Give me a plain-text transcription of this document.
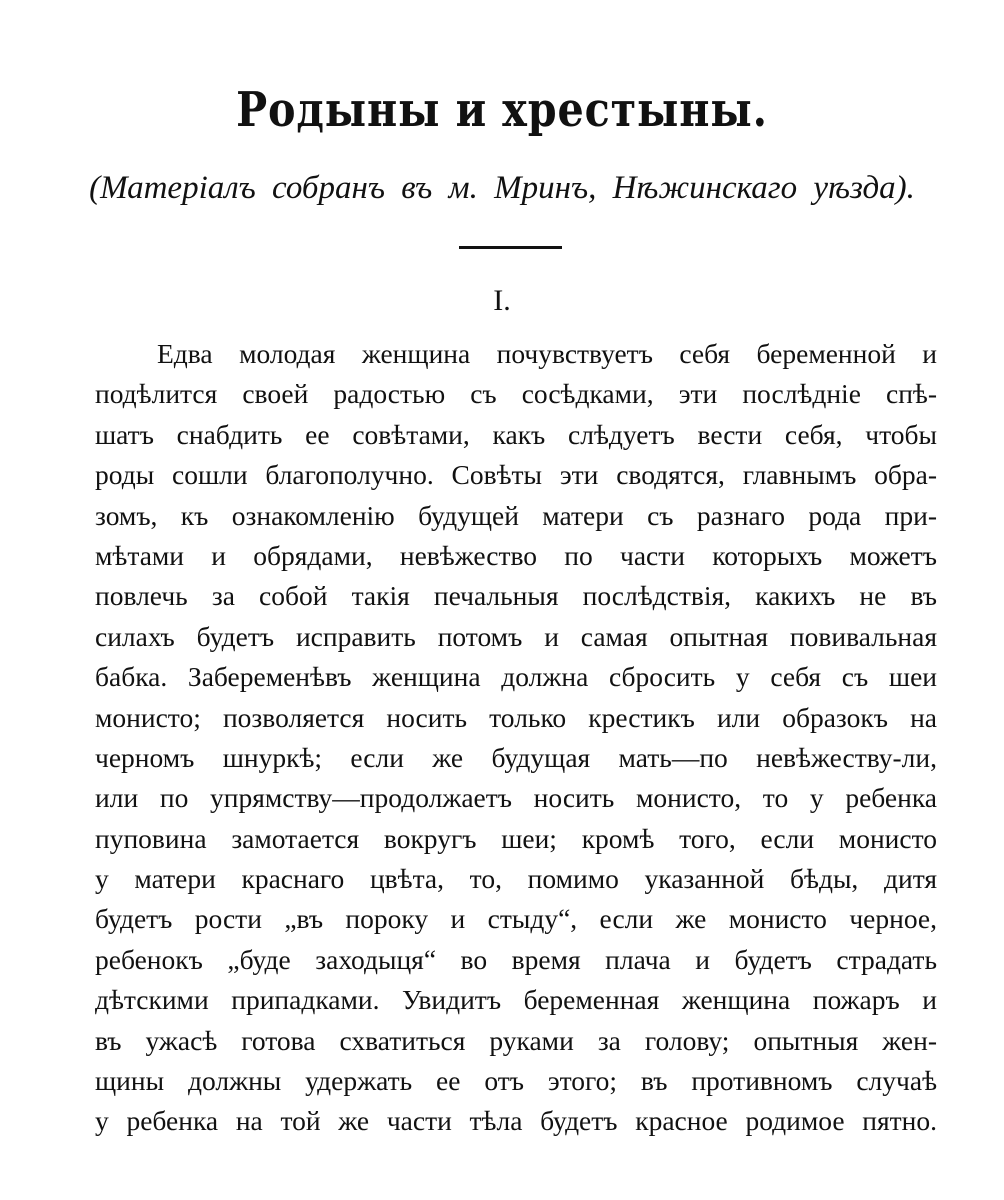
Родыны и хрестыны.
(Матеріалъ собранъ въ м. Мринъ, Нѣжинскаго уѣзда).
I.
Едва молодая женщина почувствуетъ себя беременной и
подѣлится своей радостью съ сосѣдками, эти послѣдніе спѣ-
шатъ снабдить ее совѣтами, какъ слѣдуетъ вести себя, чтобы
роды сошли благополучно. Совѣты эти сводятся, главнымъ обра-
зомъ, къ ознакомленію будущей матери съ разнаго рода при-
мѣтами и обрядами, невѣжество по части которыхъ можетъ
повлечь за собой такія печальныя послѣдствія, какихъ не въ
силахъ будетъ исправить потомъ и самая опытная повивальная
бабка. Забеременѣвъ женщина должна сбросить у себя съ шеи
монисто; позволяется носить только крестикъ или образокъ на
черномъ шнуркѣ; если же будущая мать—по невѣжеству-ли,
или по упрямству—продолжаетъ носить монисто, то у ребенка
пуповина замотается вокругъ шеи; кромѣ того, если монисто
у матери краснаго цвѣта, то, помимо указанной бѣды, дитя
будетъ рости „въ пороку и стыду“, если же монисто черное,
ребенокъ „буде заходыця“ во время плача и будетъ страдать
дѣтскими припадками. Увидитъ беременная женщина пожаръ и
въ ужасѣ готова схватиться руками за голову; опытныя жен-
щины должны удержать ее отъ этого; въ противномъ случаѣ
у ребенка на той же части тѣла будетъ красное родимое пятно.
